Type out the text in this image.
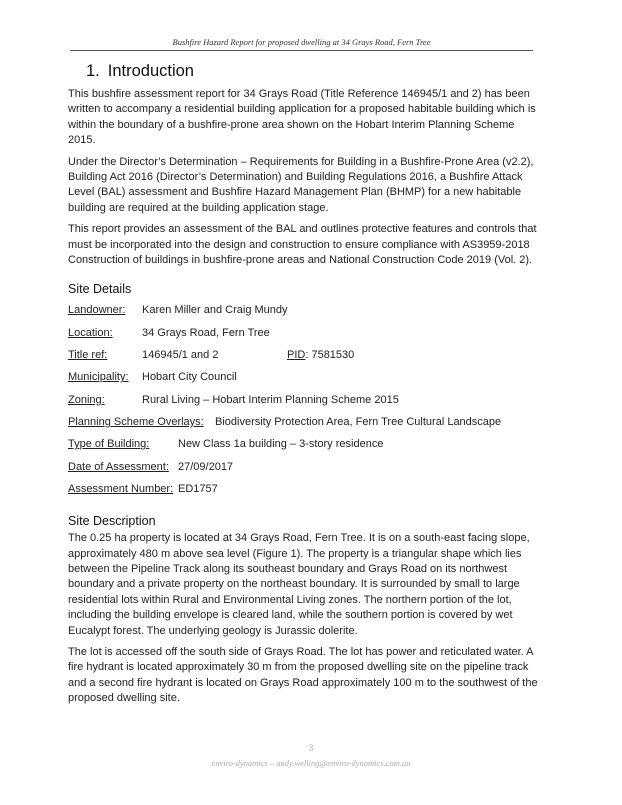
Bushfire Hazard Report for proposed dwelling at 34 Grays Road, Fern Tree
1. Introduction

This bushfire assessment report for 34 Grays Road (Title Reference 146945/1 and 2) has been written to accompany a residential building application for a proposed habitable building which is within the boundary of a bushfire-prone area shown on the Hobart Interim Planning Scheme 2015.

Under the Director’s Determination – Requirements for Building in a Bushfire-Prone Area (v2.2), Building Act 2016 (Director’s Determination) and Building Regulations 2016, a Bushfire Attack Level (BAL) assessment and Bushfire Hazard Management Plan (BHMP) for a new habitable building are required at the building application stage.

This report provides an assessment of the BAL and outlines protective features and controls that must be incorporated into the design and construction to ensure compliance with AS3959-2018 Construction of buildings in bushfire-prone areas and National Construction Code 2019 (Vol. 2).

Site Details
Landowner: Karen Miller and Craig Mundy
Location:	34 Grays Road, Fern Tree
Title ref:	146945/1 and 2	PID: 7581530
Municipality: Hobart City Council
Zoning:	Rural Living – Hobart Interim Planning Scheme 2015
Planning Scheme Overlays: Biodiversity Protection Area, Fern Tree Cultural Landscape
Type of Building:	New Class 1a building – 3-story residence
Date of Assessment: 27/09/2017
Assessment Number: ED1757
Site Description

The 0.25 ha property is located at 34 Grays Road, Fern Tree. It is on a south-east facing slope, approximately 480 m above sea level (Figure 1). The property is a triangular shape which lies between the Pipeline Track along its southeast boundary and Grays Road on its northwest boundary and a private property on the northeast boundary. It is surrounded by small to large residential lots within Rural and Environmental Living zones. The northern portion of the lot, including the building envelope is cleared land, while the southern portion is covered by wet Eucalypt forest. The underlying geology is Jurassic dolerite.

The lot is accessed off the south side of Grays Road. The lot has power and reticulated water. A fire hydrant is located approximately 30 m from the proposed dwelling site on the pipeline track and a second fire hydrant is located on Grays Road approximately 100 m to the southwest of the proposed dwelling site.

3
enviro-dynamics – andy.welling@enviro-dynamics.com.au
